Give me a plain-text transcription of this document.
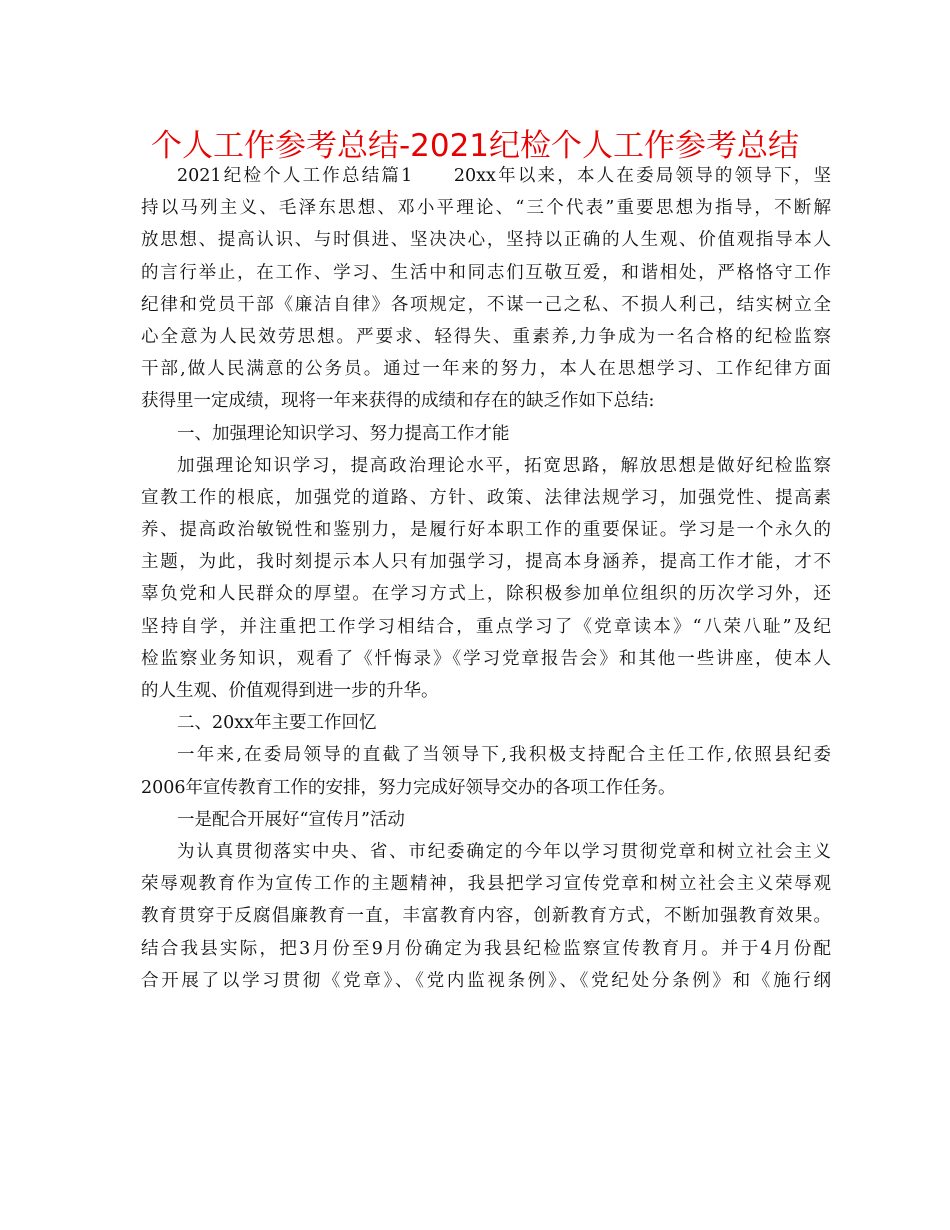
个人工作参考总结-2021纪检个人工作参考总结
2021纪检个人工作总结篇1　　20xx年以来，本人在委局领导的领导下，坚
持以马列主义、毛泽东思想、邓小平理论、“三个代表”重要思想为指导，不断解
放思想、提高认识、与时俱进、坚决决心，坚持以正确的人生观、价值观指导本人
的言行举止，在工作、学习、生活中和同志们互敬互爱，和谐相处，严格恪守工作
纪律和党员干部《廉洁自律》各项规定，不谋一己之私、不损人利己，结实树立全
心全意为人民效劳思想。严要求、轻得失、重素养,力争成为一名合格的纪检监察
干部,做人民满意的公务员。通过一年来的努力，本人在思想学习、工作纪律方面
获得里一定成绩，现将一年来获得的成绩和存在的缺乏作如下总结:
一、加强理论知识学习、努力提高工作才能
加强理论知识学习，提高政治理论水平，拓宽思路，解放思想是做好纪检监察
宣教工作的根底，加强党的道路、方针、政策、法律法规学习，加强党性、提高素
养、提高政治敏锐性和鉴别力，是履行好本职工作的重要保证。学习是一个永久的
主题，为此，我时刻提示本人只有加强学习，提高本身涵养，提高工作才能，才不
辜负党和人民群众的厚望。在学习方式上，除积极参加单位组织的历次学习外，还
坚持自学，并注重把工作学习相结合，重点学习了《党章读本》“八荣八耻”及纪
检监察业务知识，观看了《忏悔录》《学习党章报告会》和其他一些讲座，使本人
的人生观、价值观得到进一步的升华。
二、20xx年主要工作回忆
一年来,在委局领导的直截了当领导下,我积极支持配合主任工作,依照县纪委
2006年宣传教育工作的安排，努力完成好领导交办的各项工作任务。
一是配合开展好“宣传月”活动
为认真贯彻落实中央、省、市纪委确定的今年以学习贯彻党章和树立社会主义
荣辱观教育作为宣传工作的主题精神，我县把学习宣传党章和树立社会主义荣辱观
教育贯穿于反腐倡廉教育一直，丰富教育内容，创新教育方式，不断加强教育效果。
结合我县实际，把3月份至9月份确定为我县纪检监察宣传教育月。并于4月份配
合开展了以学习贯彻《党章》、《党内监视条例》、《党纪处分条例》和《施行纲
